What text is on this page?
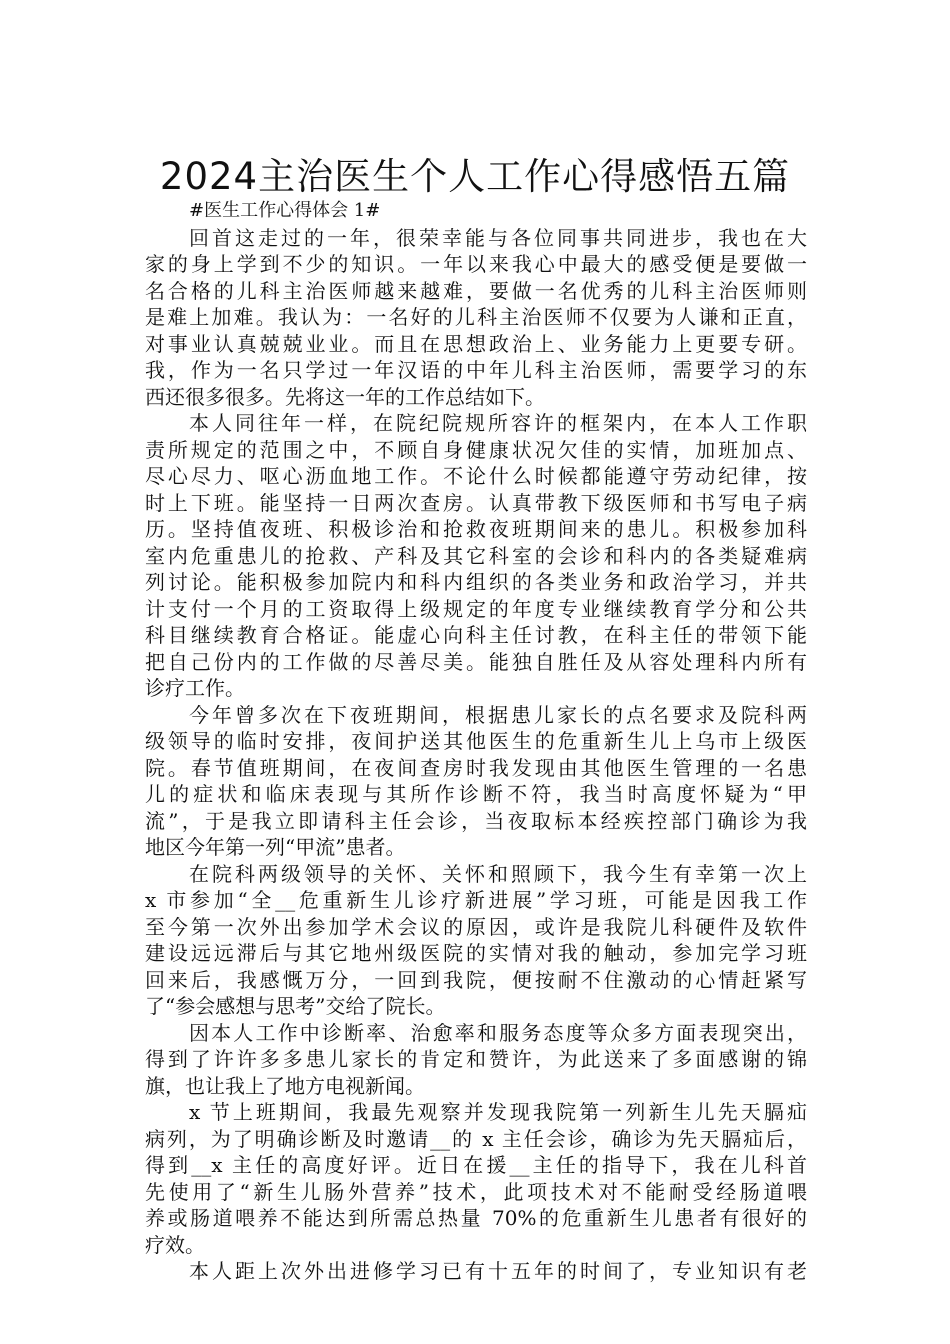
2024主治医生个人工作心得感悟五篇
#医生工作心得体会 1#
回首这走过的一年，很荣幸能与各位同事共同进步，我也在大
家的身上学到不少的知识。一年以来我心中最大的感受便是要做一
名合格的儿科主治医师越来越难，要做一名优秀的儿科主治医师则
是难上加难。我认为：一名好的儿科主治医师不仅要为人谦和正直，
对事业认真兢兢业业。而且在思想政治上、业务能力上更要专研。
我，作为一名只学过一年汉语的中年儿科主治医师，需要学习的东
西还很多很多。先将这一年的工作总结如下。
本人同往年一样，在院纪院规所容许的框架内，在本人工作职
责所规定的范围之中，不顾自身健康状况欠佳的实情，加班加点、
尽心尽力、呕心沥血地工作。不论什么时候都能遵守劳动纪律，按
时上下班。能坚持一日两次查房。认真带教下级医师和书写电子病
历。坚持值夜班、积极诊治和抢救夜班期间来的患儿。积极参加科
室内危重患儿的抢救、产科及其它科室的会诊和科内的各类疑难病
列讨论。能积极参加院内和科内组织的各类业务和政治学习，并共
计支付一个月的工资取得上级规定的年度专业继续教育学分和公共
科目继续教育合格证。能虚心向科主任讨教，在科主任的带领下能
把自己份内的工作做的尽善尽美。能独自胜任及从容处理科内所有
诊疗工作。
今年曾多次在下夜班期间，根据患儿家长的点名要求及院科两
级领导的临时安排，夜间护送其他医生的危重新生儿上乌市上级医
院。春节值班期间，在夜间查房时我发现由其他医生管理的一名患
儿的症状和临床表现与其所作诊断不符，我当时高度怀疑为“甲
流”，于是我立即请科主任会诊，当夜取标本经疾控部门确诊为我
地区今年第一列“甲流”患者。
在院科两级领导的关怀、关怀和照顾下，我今生有幸第一次上
x 市参加“全__危重新生儿诊疗新进展”学习班，可能是因我工作
至今第一次外出参加学术会议的原因，或许是我院儿科硬件及软件
建设远远滞后与其它地州级医院的实情对我的触动，参加完学习班
回来后，我感慨万分，一回到我院，便按耐不住激动的心情赶紧写
了“参会感想与思考”交给了院长。
因本人工作中诊断率、治愈率和服务态度等众多方面表现突出，
得到了许许多多患儿家长的肯定和赞许，为此送来了多面感谢的锦
旗，也让我上了地方电视新闻。
x 节上班期间，我最先观察并发现我院第一列新生儿先天膈疝
病列，为了明确诊断及时邀请__的 x 主任会诊，确诊为先天膈疝后，
得到__x 主任的高度好评。近日在援__主任的指导下，我在儿科首
先使用了“新生儿肠外营养”技术，此项技术对不能耐受经肠道喂
养或肠道喂养不能达到所需总热量 70%的危重新生儿患者有很好的
疗效。
本人距上次外出进修学习已有十五年的时间了，专业知识有老
